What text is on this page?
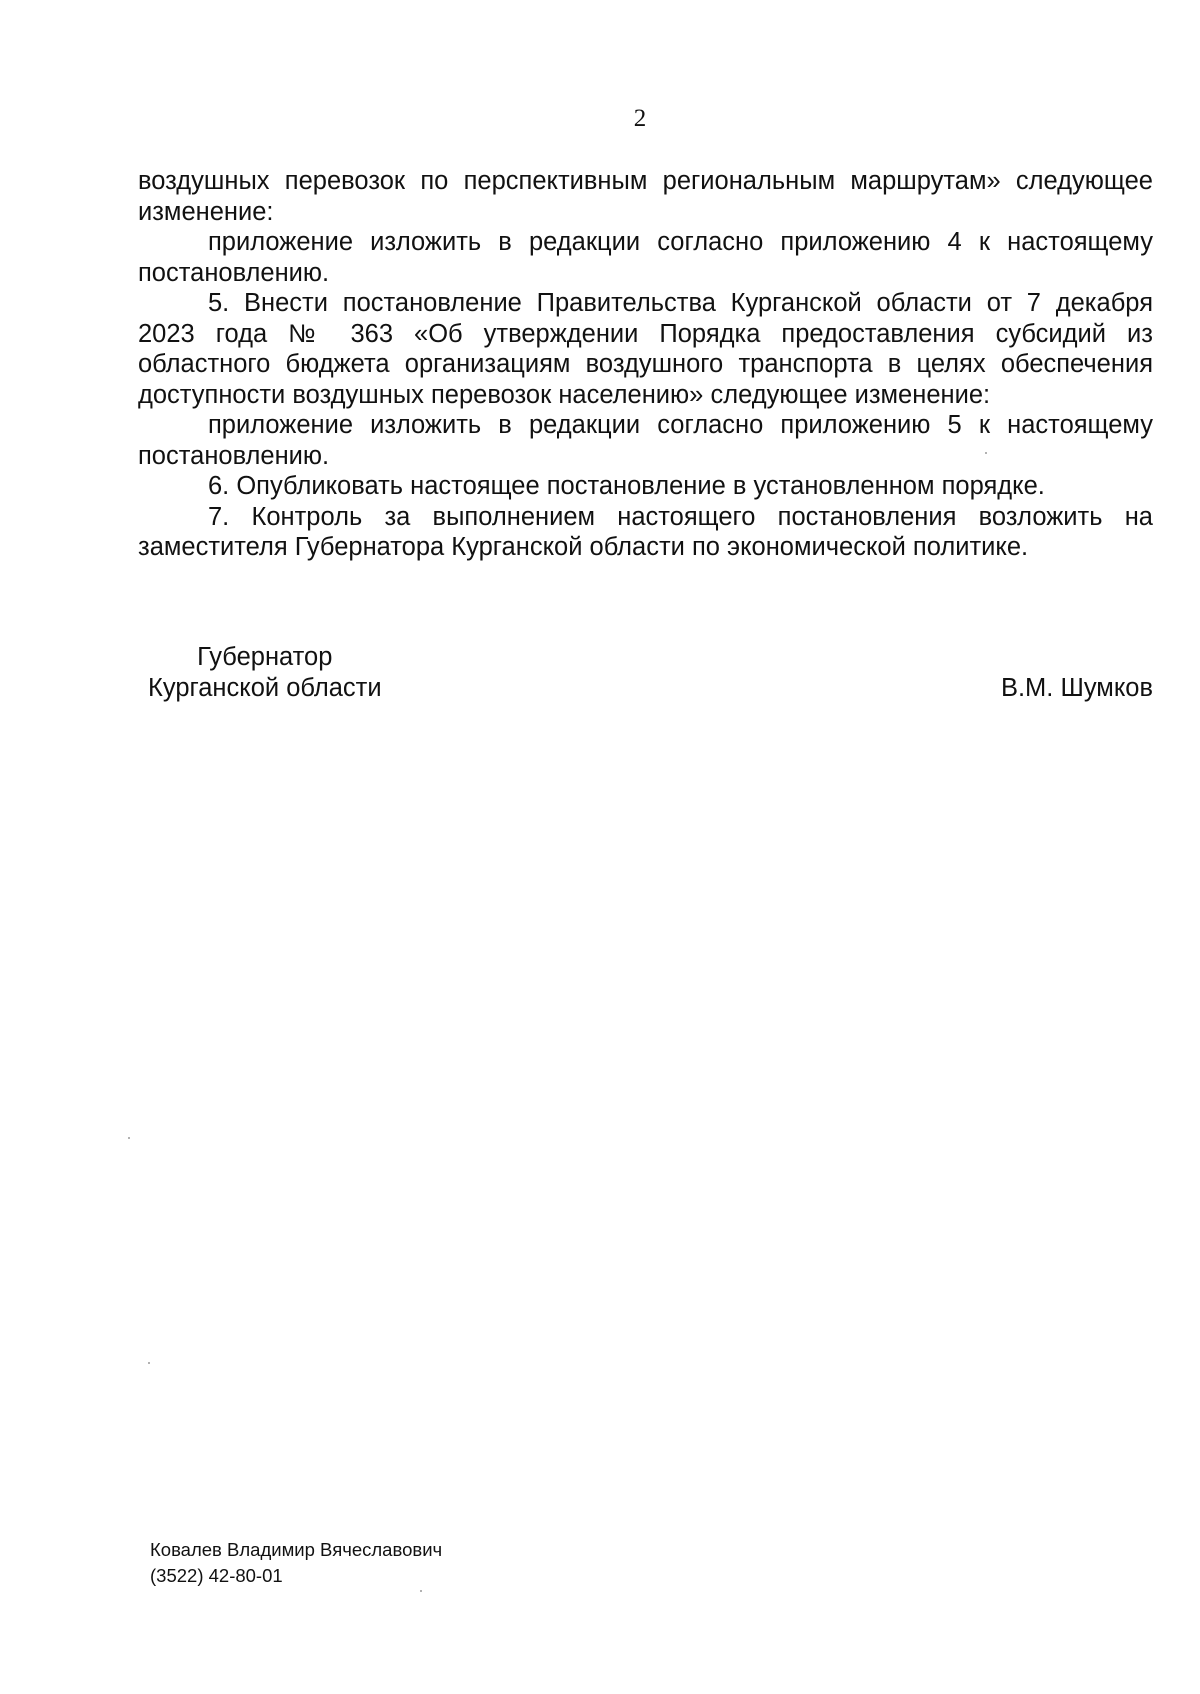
2

воздушных перевозок по перспективным региональным маршрутам» следующее изменение:

приложение изложить в редакции согласно приложению 4 к настоящему постановлению.

5. Внести постановление Правительства Курганской области от 7 декабря 2023 года № 363 «Об утверждении Порядка предоставления субсидий из областного бюджета организациям воздушного транспорта в целях обеспечения доступности воздушных перевозок населению» следующее изменение:

приложение изложить в редакции согласно приложению 5 к настоящему постановлению.

6. Опубликовать настоящее постановление в установленном порядке.

7. Контроль за выполнением настоящего постановления возложить на заместителя Губернатора Курганской области по экономической политике.

Губернатор
Курганской области	В.М. Шумков
Ковалев Владимир Вячеславович
(3522) 42-80-01
